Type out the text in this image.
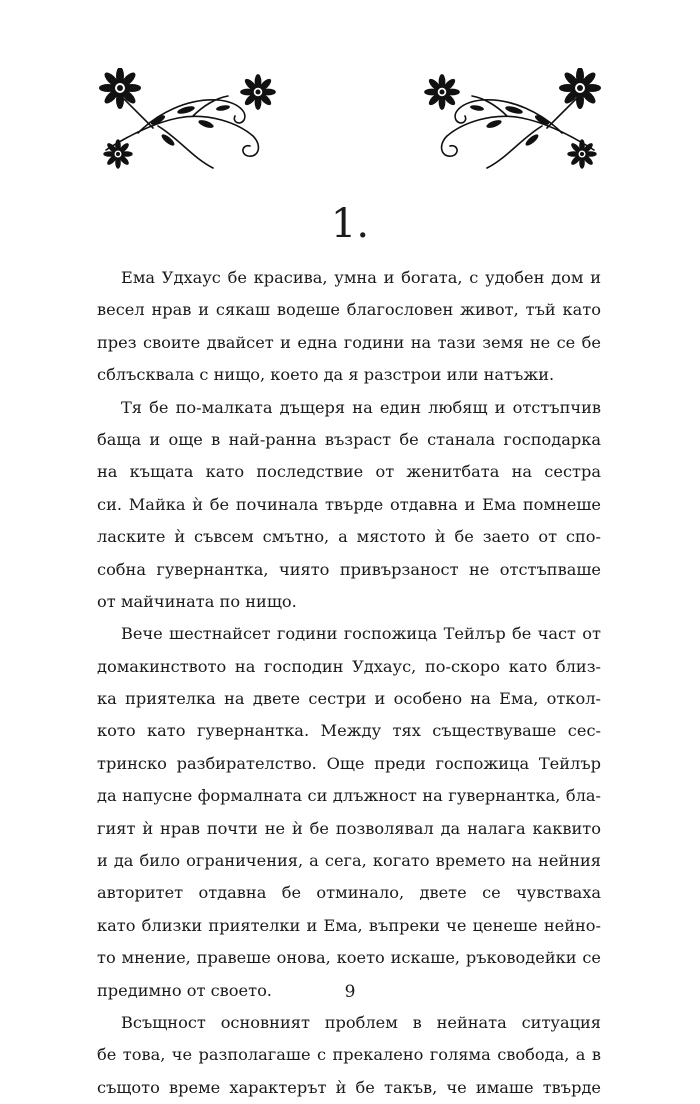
1.
Ема Удхаус бе красива, умна и богата, с удобен дом и
весел нрав и сякаш водеше благословен живот, тъй като
през своите двайсет и една години на тази земя не се бе
сблъсквала с нищо, което да я разстрои или натъжи.
Тя бе по-малката дъщеря на един любящ и отстъпчив
баща и още в най-ранна възраст бе станала господарка
на къщата като последствие от женитбата на сестра
си. Майка ѝ бе починала твърде отдавна и Ема помнеше
ласките ѝ съвсем смътно, а мястото ѝ бе заето от спо-
собна гувернантка, чиято привързаност не отстъпваше
от майчината по нищо.
Вече шестнайсет години госпожица Тейлър бе част от
домакинството на господин Удхаус, по-скоро като близ-
ка приятелка на двете сестри и особено на Ема, откол-
кото като гувернантка. Между тях съществуваше сес-
тринско разбирателство. Още преди госпожица Тейлър
да напусне формалната си длъжност на гувернантка, бла-
гият ѝ нрав почти не ѝ бе позволявал да налага каквито
и да било ограничения, а сега, когато времето на нейния
авторитет отдавна бе отминало, двете се чувстваха
като близки приятелки и Ема, въпреки че ценеше нейно-
то мнение, правеше онова, което искаше, ръководейки се
предимно от своето.
Всъщност основният проблем в нейната ситуация
бе това, че разполагаше с прекалено голяма свобода, а в
същото време характерът ѝ бе такъв, че имаше твърде
9
